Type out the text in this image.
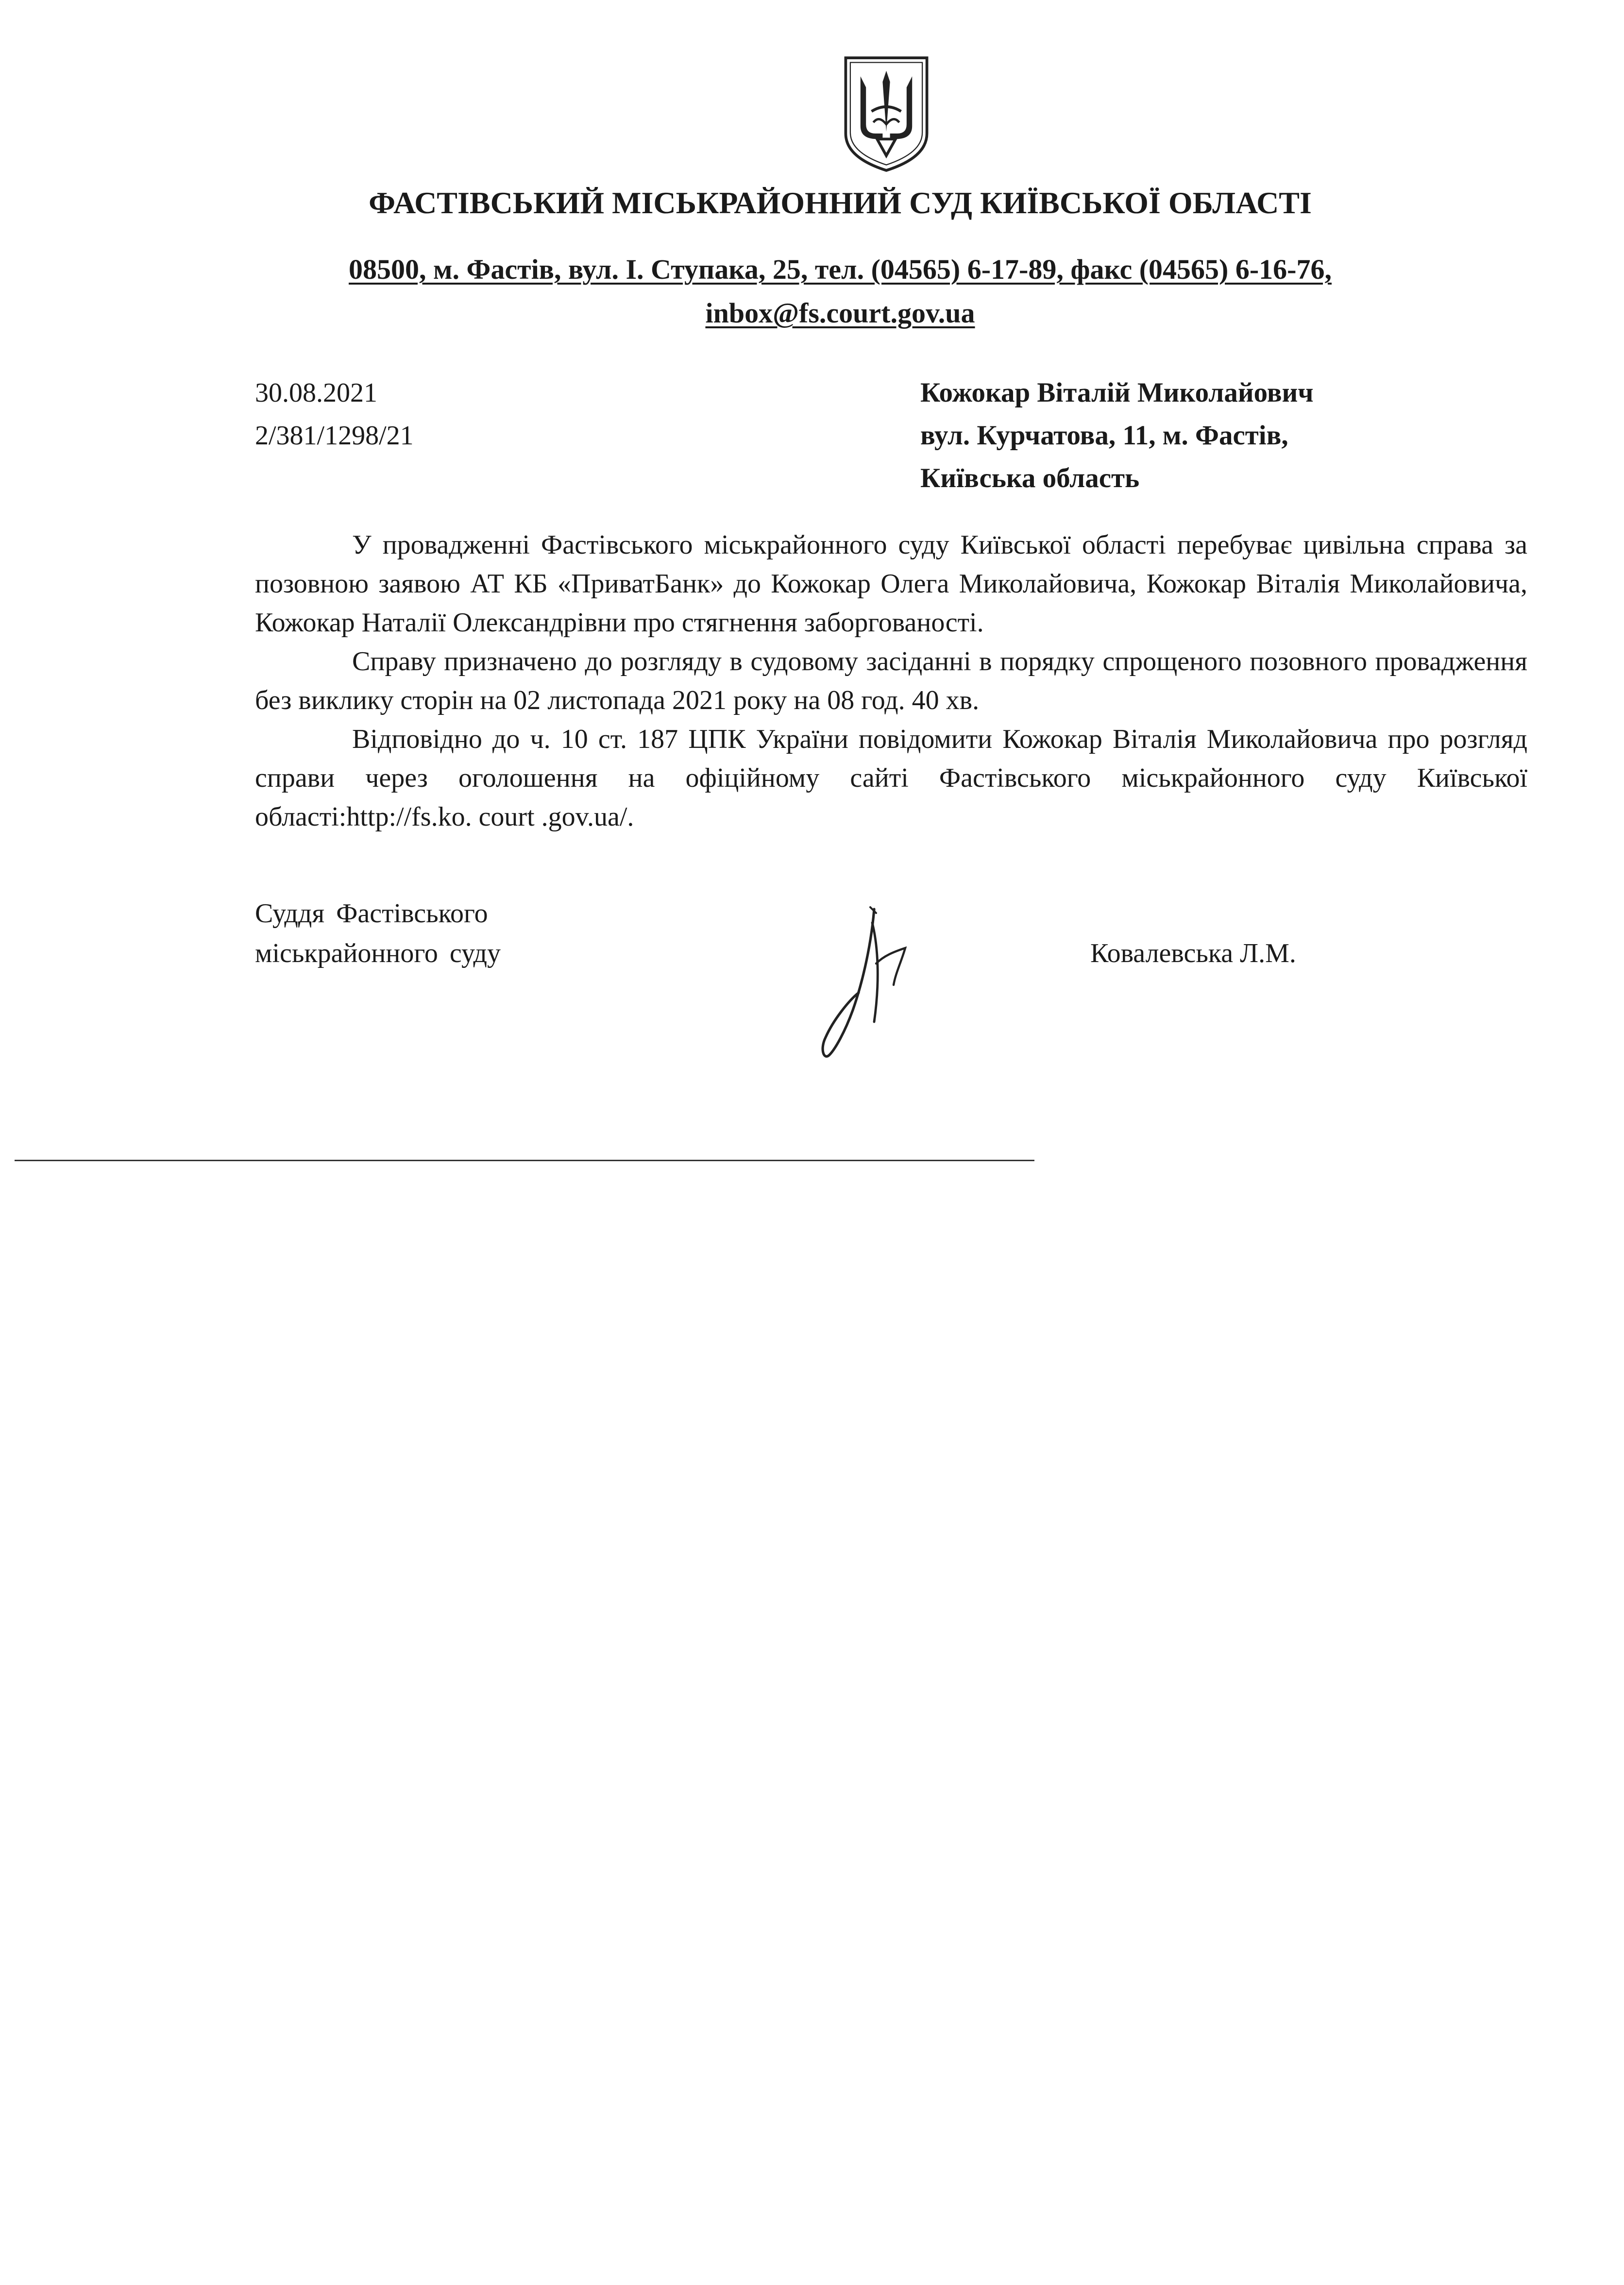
ФАСТІВСЬКИЙ МІСЬКРАЙОННИЙ СУД КИЇВСЬКОЇ ОБЛАСТІ
08500, м. Фастів, вул. І. Ступака, 25, тел. (04565) 6-17-89, факс (04565) 6-16-76,
inbox@fs.court.gov.ua
30.08.2021
2/381/1298/21
Кожокар Віталій Миколайович
вул. Курчатова, 11, м. Фастів,
Київська область

У провадженні Фастівського міськрайонного суду Київської області перебуває цивільна справа за позовною заявою АТ КБ «ПриватБанк» до Кожокар Олега Миколайовича, Кожокар Віталія Миколайовича, Кожокар Наталії Олександрівни про стягнення заборгованості.

Справу призначено до розгляду в судовому засіданні в порядку спрощеного позовного провадження без виклику сторін на 02 листопада 2021 року на 08 год. 40 хв.

Відповідно до ч. 10 ст. 187 ЦПК України повідомити Кожокар Віталія Миколайовича про розгляд справи через оголошення на офіційному сайті Фастівського міськрайонного суду Київської області:http://fs.ko. court .gov.ua/.

Суддя Фастівського
міськрайонного суду	Ковалевська Л.М.
